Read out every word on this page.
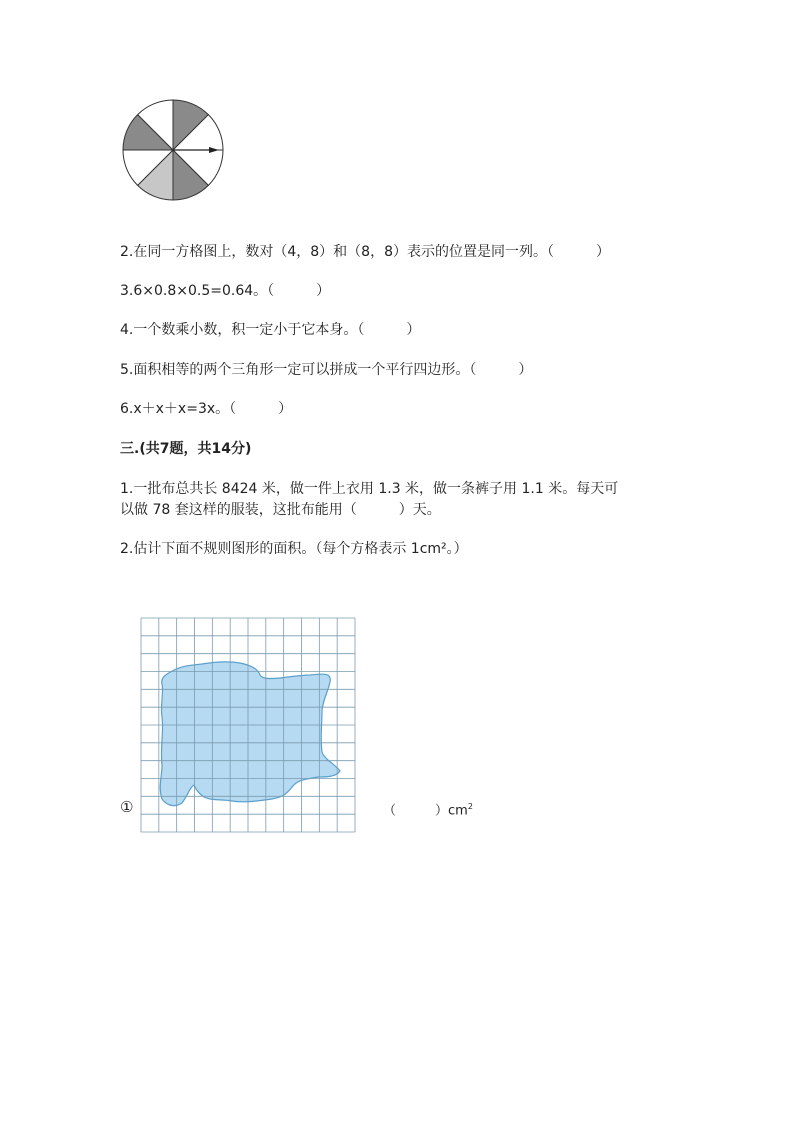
2.在同一方格图上，数对（4，8）和（8，8）表示的位置是同一列。（　　　）
3.6×0.8×0.5=0.64。（　　　）
4.一个数乘小数，积一定小于它本身。（　　　）
5.面积相等的两个三角形一定可以拼成一个平行四边形。（　　　）
6.x＋x＋x=3x。（　　　）
三.(共7题，共14分)
1.一批布总共长 8424 米，做一件上衣用 1.3 米，做一条裤子用 1.1 米。每天可
以做 78 套这样的服装，这批布能用（　　　）天。
2.估计下面不规则图形的面积。（每个方格表示 1cm²。）
①	（　　　）$cm^2$
